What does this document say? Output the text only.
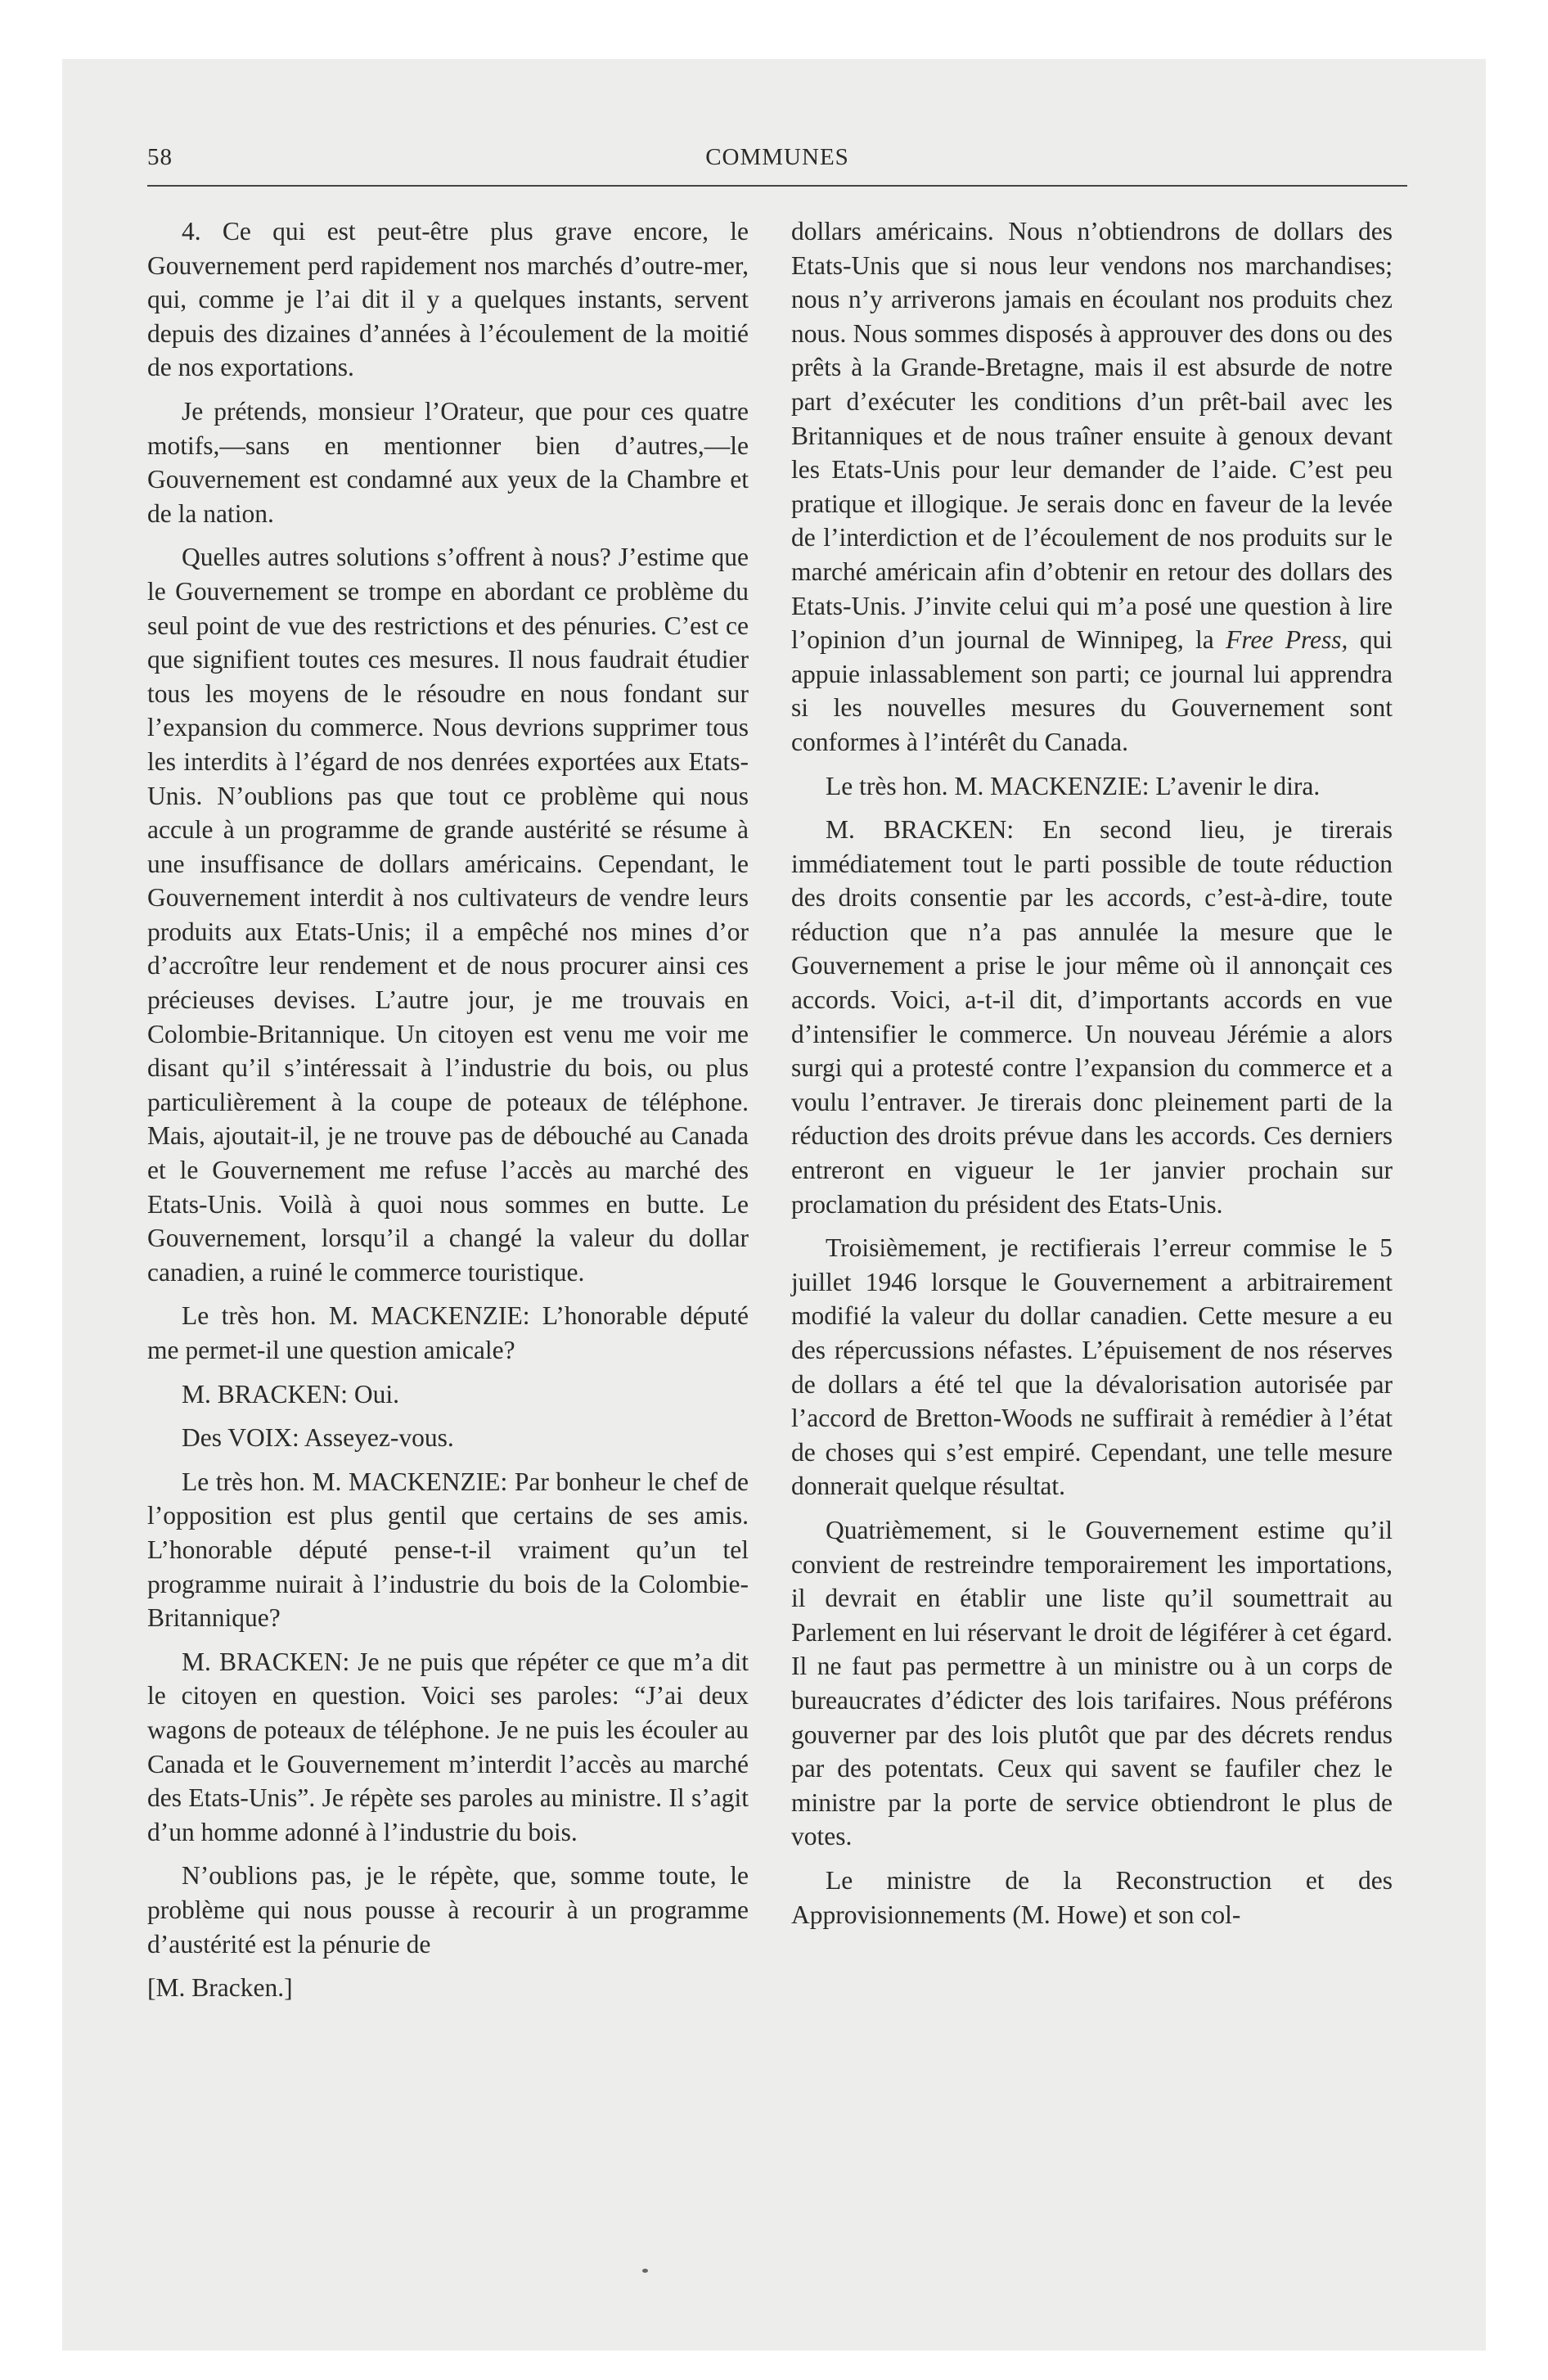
58	COMMUNES

4. Ce qui est peut-être plus grave encore, le Gouvernement perd rapidement nos marchés d’outre-mer, qui, comme je l’ai dit il y a quelques instants, servent depuis des dizaines d’années à l’écoulement de la moitié de nos exportations.

Je prétends, monsieur l’Orateur, que pour ces quatre motifs,—sans en mentionner bien d’autres,—le Gouvernement est condamné aux yeux de la Chambre et de la nation.

Quelles autres solutions s’offrent à nous? J’estime que le Gouvernement se trompe en abordant ce problème du seul point de vue des restrictions et des pénuries. C’est ce que signifient toutes ces mesures. Il nous faudrait étudier tous les moyens de le résoudre en nous fondant sur l’expansion du commerce. Nous devrions supprimer tous les interdits à l’égard de nos denrées exportées aux Etats-Unis. N’oublions pas que tout ce problème qui nous accule à un programme de grande austérité se résume à une insuffisance de dollars américains. Cependant, le Gouvernement interdit à nos cultivateurs de vendre leurs produits aux Etats-Unis; il a empêché nos mines d’or d’accroître leur rendement et de nous procurer ainsi ces précieuses devises. L’autre jour, je me trouvais en Colombie-Britannique. Un citoyen est venu me voir me disant qu’il s’intéressait à l’industrie du bois, ou plus particulièrement à la coupe de poteaux de téléphone. Mais, ajoutait-il, je ne trouve pas de débouché au Canada et le Gouvernement me refuse l’accès au marché des Etats-Unis. Voilà à quoi nous sommes en butte. Le Gouvernement, lorsqu’il a changé la valeur du dollar canadien, a ruiné le commerce touristique.

Le très hon. M. MACKENZIE: L’honorable député me permet-il une question amicale?

M. BRACKEN: Oui.

Des VOIX: Asseyez-vous.

Le très hon. M. MACKENZIE: Par bonheur le chef de l’opposition est plus gentil que certains de ses amis. L’honorable député pense-t-il vraiment qu’un tel programme nuirait à l’industrie du bois de la Colombie-Britannique?

M. BRACKEN: Je ne puis que répéter ce que m’a dit le citoyen en question. Voici ses paroles: “J’ai deux wagons de poteaux de téléphone. Je ne puis les écouler au Canada et le Gouvernement m’interdit l’accès au marché des Etats-Unis”. Je répète ses paroles au ministre. Il s’agit d’un homme adonné à l’industrie du bois.

N’oublions pas, je le répète, que, somme toute, le problème qui nous pousse à recourir à un programme d’austérité est la pénurie de

[M. Bracken.]

dollars américains. Nous n’obtiendrons de dollars des Etats-Unis que si nous leur vendons nos marchandises; nous n’y arriverons jamais en écoulant nos produits chez nous. Nous sommes disposés à approuver des dons ou des prêts à la Grande-Bretagne, mais il est absurde de notre part d’exécuter les conditions d’un prêt-bail avec les Britanniques et de nous traîner ensuite à genoux devant les Etats-Unis pour leur demander de l’aide. C’est peu pratique et illogique. Je serais donc en faveur de la levée de l’interdiction et de l’écoulement de nos produits sur le marché américain afin d’obtenir en retour des dollars des Etats-Unis. J’invite celui qui m’a posé une question à lire l’opinion d’un journal de Winnipeg, la Free Press, qui appuie inlassablement son parti; ce journal lui apprendra si les nouvelles mesures du Gouvernement sont conformes à l’intérêt du Canada.

Le très hon. M. MACKENZIE: L’avenir le dira.

M. BRACKEN: En second lieu, je tirerais immédiatement tout le parti possible de toute réduction des droits consentie par les accords, c’est-à-dire, toute réduction que n’a pas annulée la mesure que le Gouvernement a prise le jour même où il annonçait ces accords. Voici, a-t-il dit, d’importants accords en vue d’intensifier le commerce. Un nouveau Jérémie a alors surgi qui a protesté contre l’expansion du commerce et a voulu l’entraver. Je tirerais donc pleinement parti de la réduction des droits prévue dans les accords. Ces derniers entreront en vigueur le 1er janvier prochain sur proclamation du président des Etats-Unis.

Troisièmement, je rectifierais l’erreur commise le 5 juillet 1946 lorsque le Gouvernement a arbitrairement modifié la valeur du dollar canadien. Cette mesure a eu des répercussions néfastes. L’épuisement de nos réserves de dollars a été tel que la dévalorisation autorisée par l’accord de Bretton-Woods ne suffirait à remédier à l’état de choses qui s’est empiré. Cependant, une telle mesure donnerait quelque résultat.

Quatrièmement, si le Gouvernement estime qu’il convient de restreindre temporairement les importations, il devrait en établir une liste qu’il soumettrait au Parlement en lui réservant le droit de légiférer à cet égard. Il ne faut pas permettre à un ministre ou à un corps de bureaucrates d’édicter des lois tarifaires. Nous préférons gouverner par des lois plutôt que par des décrets rendus par des potentats. Ceux qui savent se faufiler chez le ministre par la porte de service obtiendront le plus de votes.

Le ministre de la Reconstruction et des Approvisionnements (M. Howe) et son col-
